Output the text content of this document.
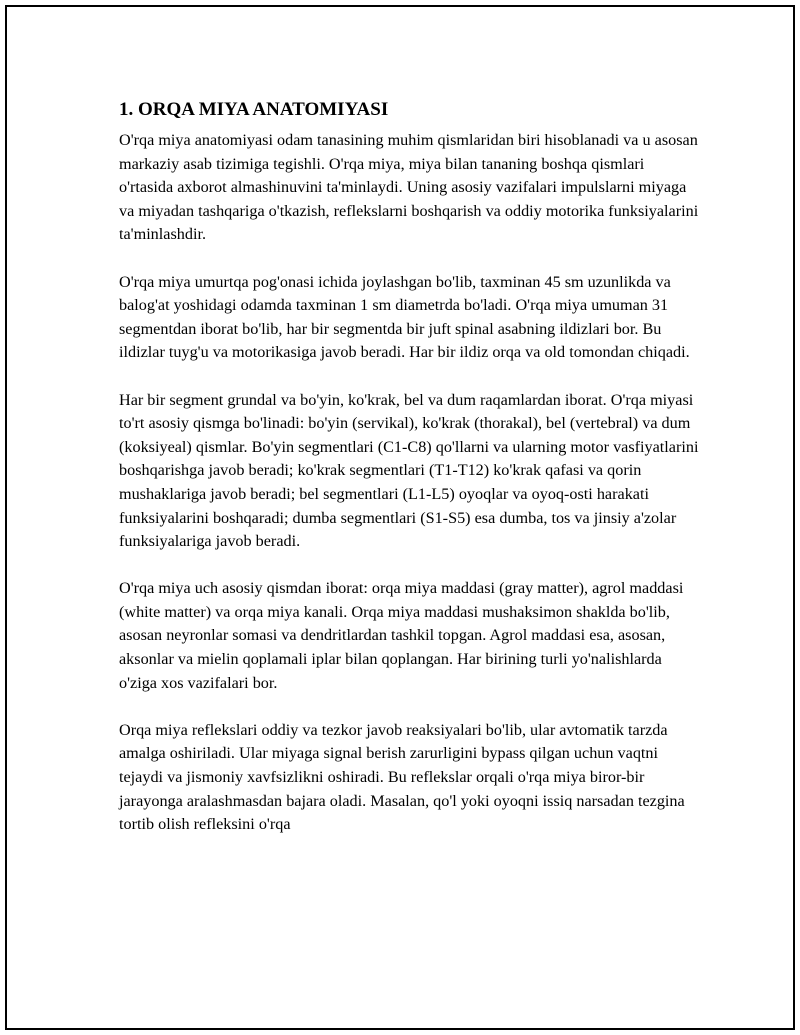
1. ORQA MIYA ANATOMIYASI

O'rqa miya anatomiyasi odam tanasining muhim qismlaridan biri hisoblanadi va u asosan markaziy asab tizimiga tegishli. O'rqa miya, miya bilan tananing boshqa qismlari o'rtasida axborot almashinuvini ta'minlaydi. Uning asosiy vazifalari impulslarni miyaga va miyadan tashqariga o'tkazish, reflekslarni boshqarish va oddiy motorika funksiyalarini ta'minlashdir.

O'rqa miya umurtqa pog'onasi ichida joylashgan bo'lib, taxminan 45 sm uzunlikda va balog'at yoshidagi odamda taxminan 1 sm diametrda bo'ladi. O'rqa miya umuman 31 segmentdan iborat bo'lib, har bir segmentda bir juft spinal asabning ildizlari bor. Bu ildizlar tuyg'u va motorikasiga javob beradi. Har bir ildiz orqa va old tomondan chiqadi.

Har bir segment grundal va bo'yin, ko'krak, bel va dum raqamlardan iborat. O'rqa miyasi to'rt asosiy qismga bo'linadi: bo'yin (servikal), ko'krak (thorakal), bel (vertebral) va dum (koksiyeal) qismlar. Bo'yin segmentlari (C1-C8) qo'llarni va ularning motor vasfiyatlarini boshqarishga javob beradi; ko'krak segmentlari (T1-T12) ko'krak qafasi va qorin mushaklariga javob beradi; bel segmentlari (L1-L5) oyoqlar va oyoq-osti harakati funksiyalarini boshqaradi; dumba segmentlari (S1-S5) esa dumba, tos va jinsiy a'zolar funksiyalariga javob beradi.

O'rqa miya uch asosiy qismdan iborat: orqa miya maddasi (gray matter), agrol maddasi (white matter) va orqa miya kanali. Orqa miya maddasi mushaksimon shaklda bo'lib, asosan neyronlar somasi va dendritlardan tashkil topgan. Agrol maddasi esa, asosan, aksonlar va mielin qoplamali iplar bilan qoplangan. Har birining turli yo'nalishlarda o'ziga xos vazifalari bor.

Orqa miya reflekslari oddiy va tezkor javob reaksiyalari bo'lib, ular avtomatik tarzda amalga oshiriladi. Ular miyaga signal berish zarurligini bypass qilgan uchun vaqtni tejaydi va jismoniy xavfsizlikni oshiradi. Bu reflekslar orqali o'rqa miya biror-bir jarayonga aralashmasdan bajara oladi. Masalan, qo'l yoki oyoqni issiq narsadan tezgina tortib olish refleksini o'rqa
